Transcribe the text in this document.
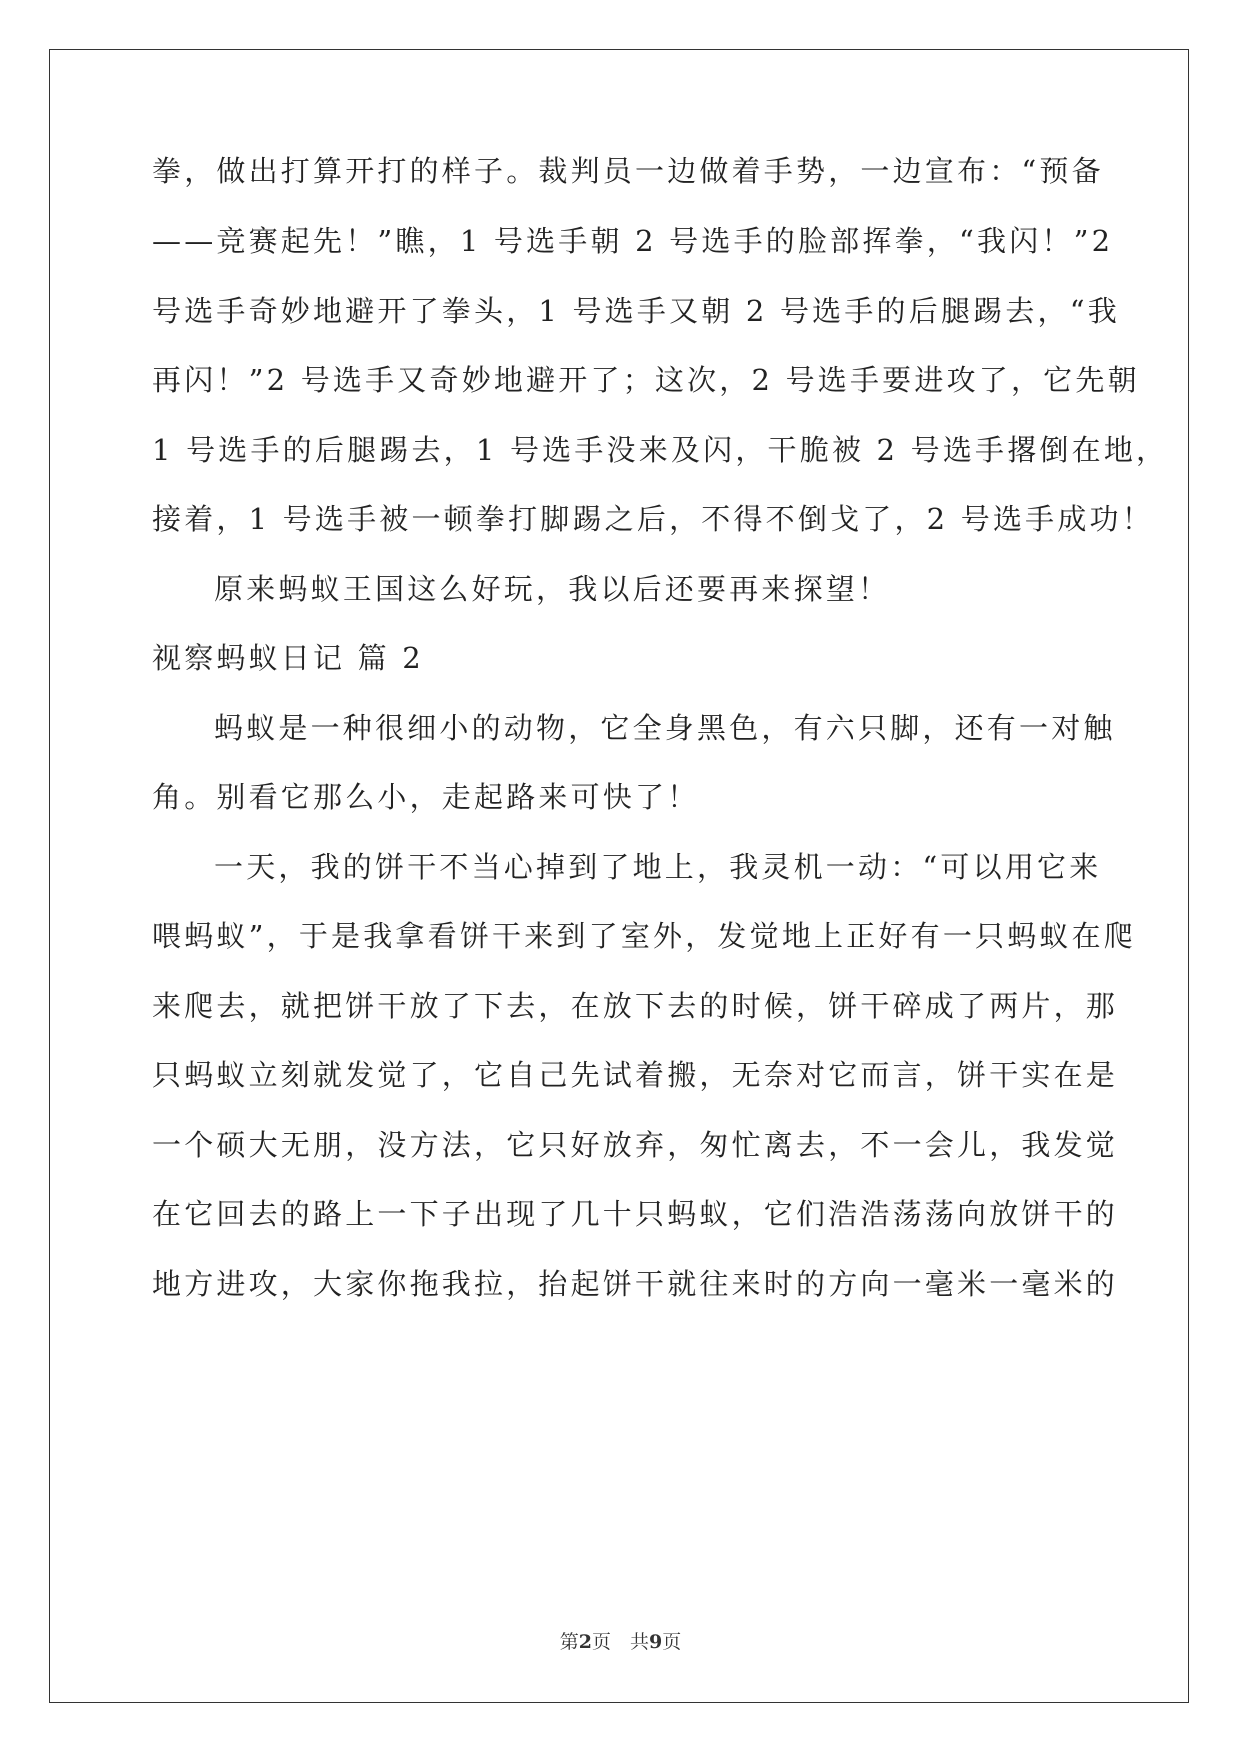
拳，做出打算开打的样子。裁判员一边做着手势，一边宣布：“预备
——竞赛起先！”瞧，1 号选手朝 2 号选手的脸部挥拳，“我闪！”2
号选手奇妙地避开了拳头，1 号选手又朝 2 号选手的后腿踢去，“我
再闪！”2 号选手又奇妙地避开了；这次，2 号选手要进攻了，它先朝
1 号选手的后腿踢去，1 号选手没来及闪，干脆被 2 号选手撂倒在地，
接着，1 号选手被一顿拳打脚踢之后，不得不倒戈了，2 号选手成功！
原来蚂蚁王国这么好玩，我以后还要再来探望！
视察蚂蚁日记 篇 2
蚂蚁是一种很细小的动物，它全身黑色，有六只脚，还有一对触
角。别看它那么小，走起路来可快了！
一天，我的饼干不当心掉到了地上，我灵机一动：“可以用它来
喂蚂蚁”，于是我拿看饼干来到了室外，发觉地上正好有一只蚂蚁在爬
来爬去，就把饼干放了下去，在放下去的时候，饼干碎成了两片，那
只蚂蚁立刻就发觉了，它自己先试着搬，无奈对它而言，饼干实在是
一个硕大无朋，没方法，它只好放弃，匆忙离去，不一会儿，我发觉
在它回去的路上一下子出现了几十只蚂蚁，它们浩浩荡荡向放饼干的
地方进攻，大家你拖我拉，抬起饼干就往来时的方向一毫米一毫米的
第2页　共9页
